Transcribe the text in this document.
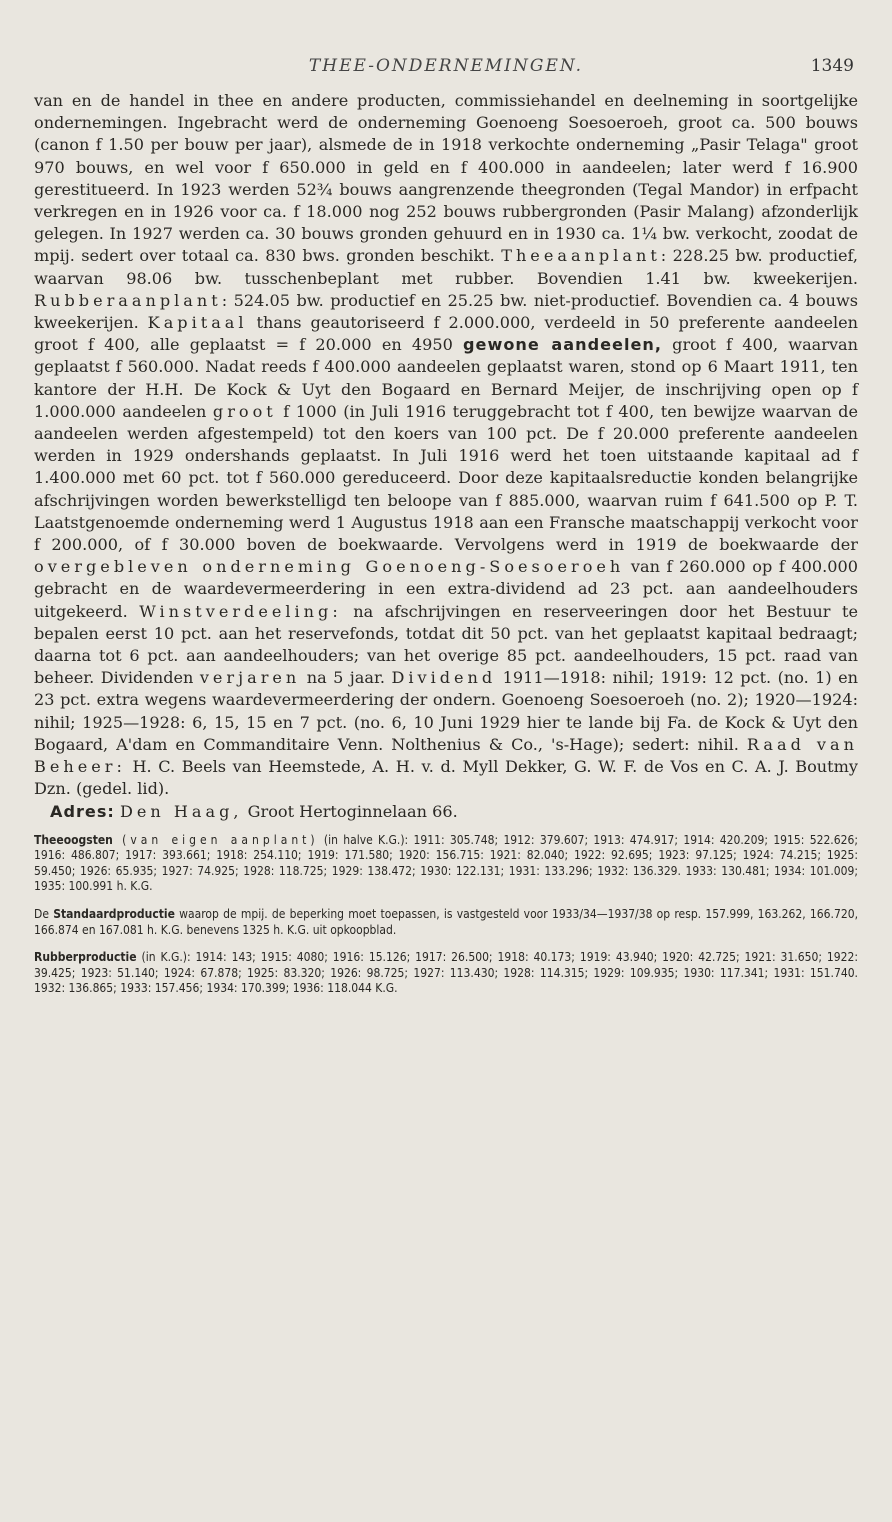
THEE-ONDERNEMINGEN.	1349

van en de handel in thee en andere producten, commissiehandel en deelneming in soortgelijke ondernemingen. Ingebracht werd de onderneming Goenoeng Soesoeroeh, groot ca. 500 bouws (canon f 1.50 per bouw per jaar), alsmede de in 1918 verkochte onderneming „Pasir Telaga" groot 970 bouws, en wel voor f 650.000 in geld en f 400.000 in aandeelen; later werd f 16.900 gerestitueerd. In 1923 werden 52¾ bouws aangrenzende theegronden (Tegal Mandor) in erfpacht verkregen en in 1926 voor ca. f 18.000 nog 252 bouws rubbergronden (Pasir Malang) afzonderlijk gelegen. In 1927 werden ca. 30 bouws gronden gehuurd en in 1930 ca. 1¼ bw. verkocht, zoodat de mpij. sedert over totaal ca. 830 bws. gronden beschikt. Theeaanplant: 228.25 bw. productief, waarvan 98.06 bw. tusschenbeplant met rubber. Bovendien 1.41 bw. kweekerijen. Rubberaanplant: 524.05 bw. productief en 25.25 bw. niet-productief. Bovendien ca. 4 bouws kweekerijen. Kapitaal thans geautoriseerd f 2.000.000, verdeeld in 50 preferente aandeelen groot f 400, alle geplaatst = f 20.000 en 4950 gewone aandeelen, groot f 400, waarvan geplaatst f 560.000. Nadat reeds f 400.000 aandeelen geplaatst waren, stond op 6 Maart 1911, ten kantore der H.H. De Kock & Uyt den Bogaard en Bernard Meijer, de inschrijving open op f 1.000.000 aandeelen groot f 1000 (in Juli 1916 teruggebracht tot f 400, ten bewijze waarvan de aandeelen werden afgestempeld) tot den koers van 100 pct. De f 20.000 preferente aandeelen werden in 1929 ondershands geplaatst. In Juli 1916 werd het toen uitstaande kapitaal ad f 1.400.000 met 60 pct. tot f 560.000 gereduceerd. Door deze kapitaalsreductie konden belangrijke afschrijvingen worden bewerkstelligd ten beloope van f 885.000, waarvan ruim f 641.500 op P. T. Laatstgenoemde onderneming werd 1 Augustus 1918 aan een Fransche maatschappij verkocht voor f 200.000, of f 30.000 boven de boekwaarde. Vervolgens werd in 1919 de boekwaarde der overgebleven onderneming Goenoeng-Soesoeroeh van f 260.000 op f 400.000 gebracht en de waardevermeerdering in een extra-dividend ad 23 pct. aan aandeelhouders uitgekeerd. Winstverdeeling: na afschrijvingen en reserveeringen door het Bestuur te bepalen eerst 10 pct. aan het reservefonds, totdat dit 50 pct. van het geplaatst kapitaal bedraagt; daarna tot 6 pct. aan aandeelhouders; van het overige 85 pct. aandeelhouders, 15 pct. raad van beheer. Dividenden verjaren na 5 jaar. Dividend 1911—1918: nihil; 1919: 12 pct. (no. 1) en 23 pct. extra wegens waardevermeerdering der ondern. Goenoeng Soesoeroeh (no. 2); 1920—1924: nihil; 1925—1928: 6, 15, 15 en 7 pct. (no. 6, 10 Juni 1929 hier te lande bij Fa. de Kock & Uyt den Bogaard, A'dam en Commanditaire Venn. Nolthenius & Co., 's-Hage); sedert: nihil. Raad van Beheer: H. C. Beels van Heemstede, A. H. v. d. Myll Dekker, G. W. F. de Vos en C. A. J. Boutmy Dzn. (gedel. lid).

Adres: Den Haag, Groot Hertoginnelaan 66.

Theeoogsten (van eigen aanplant) (in halve K.G.): 1911: 305.748; 1912: 379.607; 1913: 474.917; 1914: 420.209; 1915: 522.626; 1916: 486.807; 1917: 393.661; 1918: 254.110; 1919: 171.580; 1920: 156.715: 1921: 82.040; 1922: 92.695; 1923: 97.125; 1924: 74.215; 1925: 59.450; 1926: 65.935; 1927: 74.925; 1928: 118.725; 1929: 138.472; 1930: 122.131; 1931: 133.296; 1932: 136.329. 1933: 130.481; 1934: 101.009; 1935: 100.991 h. K.G.

De Standaardproductie waarop de mpij. de beperking moet toepassen, is vastgesteld voor 1933/34—1937/38 op resp. 157.999, 163.262, 166.720, 166.874 en 167.081 h. K.G. benevens 1325 h. K.G. uit opkoopblad.

Rubberproductie (in K.G.): 1914: 143; 1915: 4080; 1916: 15.126; 1917: 26.500; 1918: 40.173; 1919: 43.940; 1920: 42.725; 1921: 31.650; 1922: 39.425; 1923: 51.140; 1924: 67.878; 1925: 83.320; 1926: 98.725; 1927: 113.430; 1928: 114.315; 1929: 109.935; 1930: 117.341; 1931: 151.740. 1932: 136.865; 1933: 157.456; 1934: 170.399; 1936: 118.044 K.G.
